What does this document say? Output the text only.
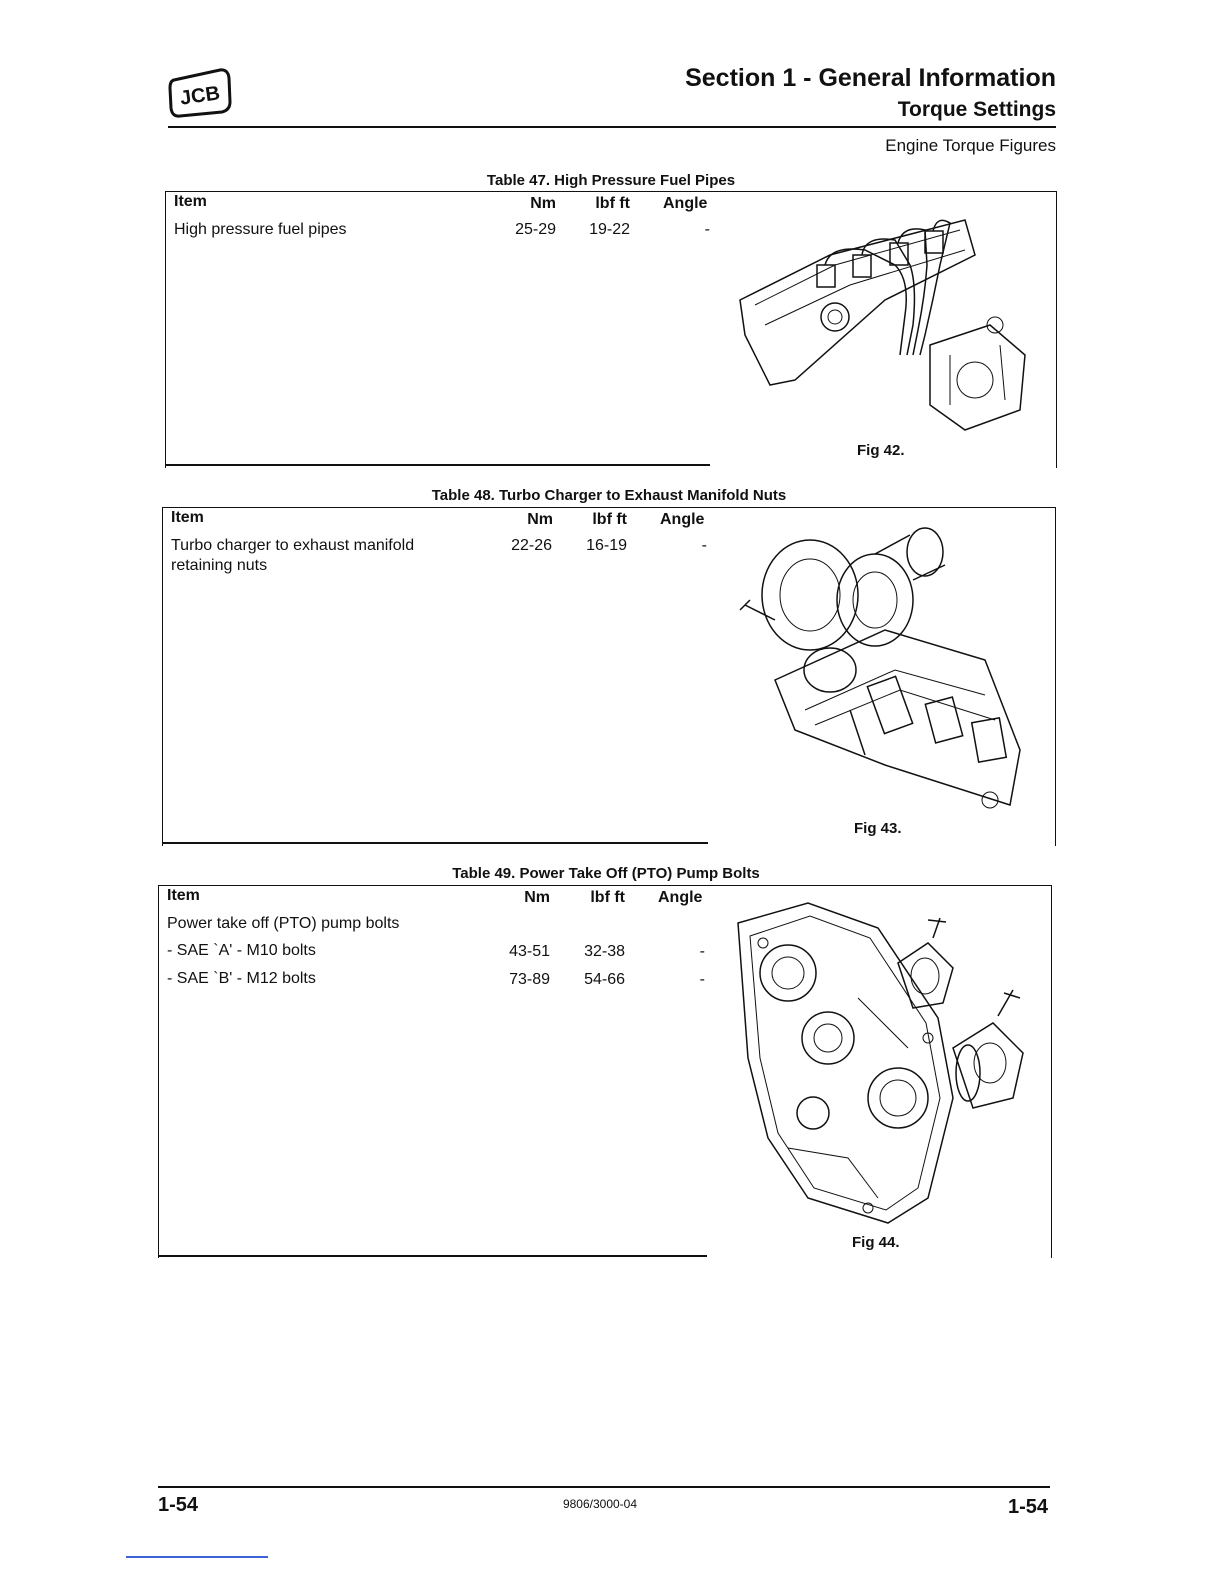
JCB
Section 1 - General Information
Torque Settings
Engine Torque Figures
Table 47. High Pressure Fuel Pipes
Item	Nm	lbf ft Angle
High pressure fuel pipes	25-29	19-22	-
Fig 42.
Table 48. Turbo Charger to Exhaust Manifold Nuts
Item	Nm	lbf ft Angle
Turbo charger to exhaust manifold retaining nuts
22-26	16-19	-
Fig 43.
Table 49. Power Take Off (PTO) Pump Bolts
Item	Nm	lbf ft Angle
Power take off (PTO) pump bolts
- SAE `A' - M10 bolts	43-51	32-38	-
- SAE `B' - M12 bolts	73-89	54-66	-
Fig 44.
1-54	9806/3000-04	1-54
